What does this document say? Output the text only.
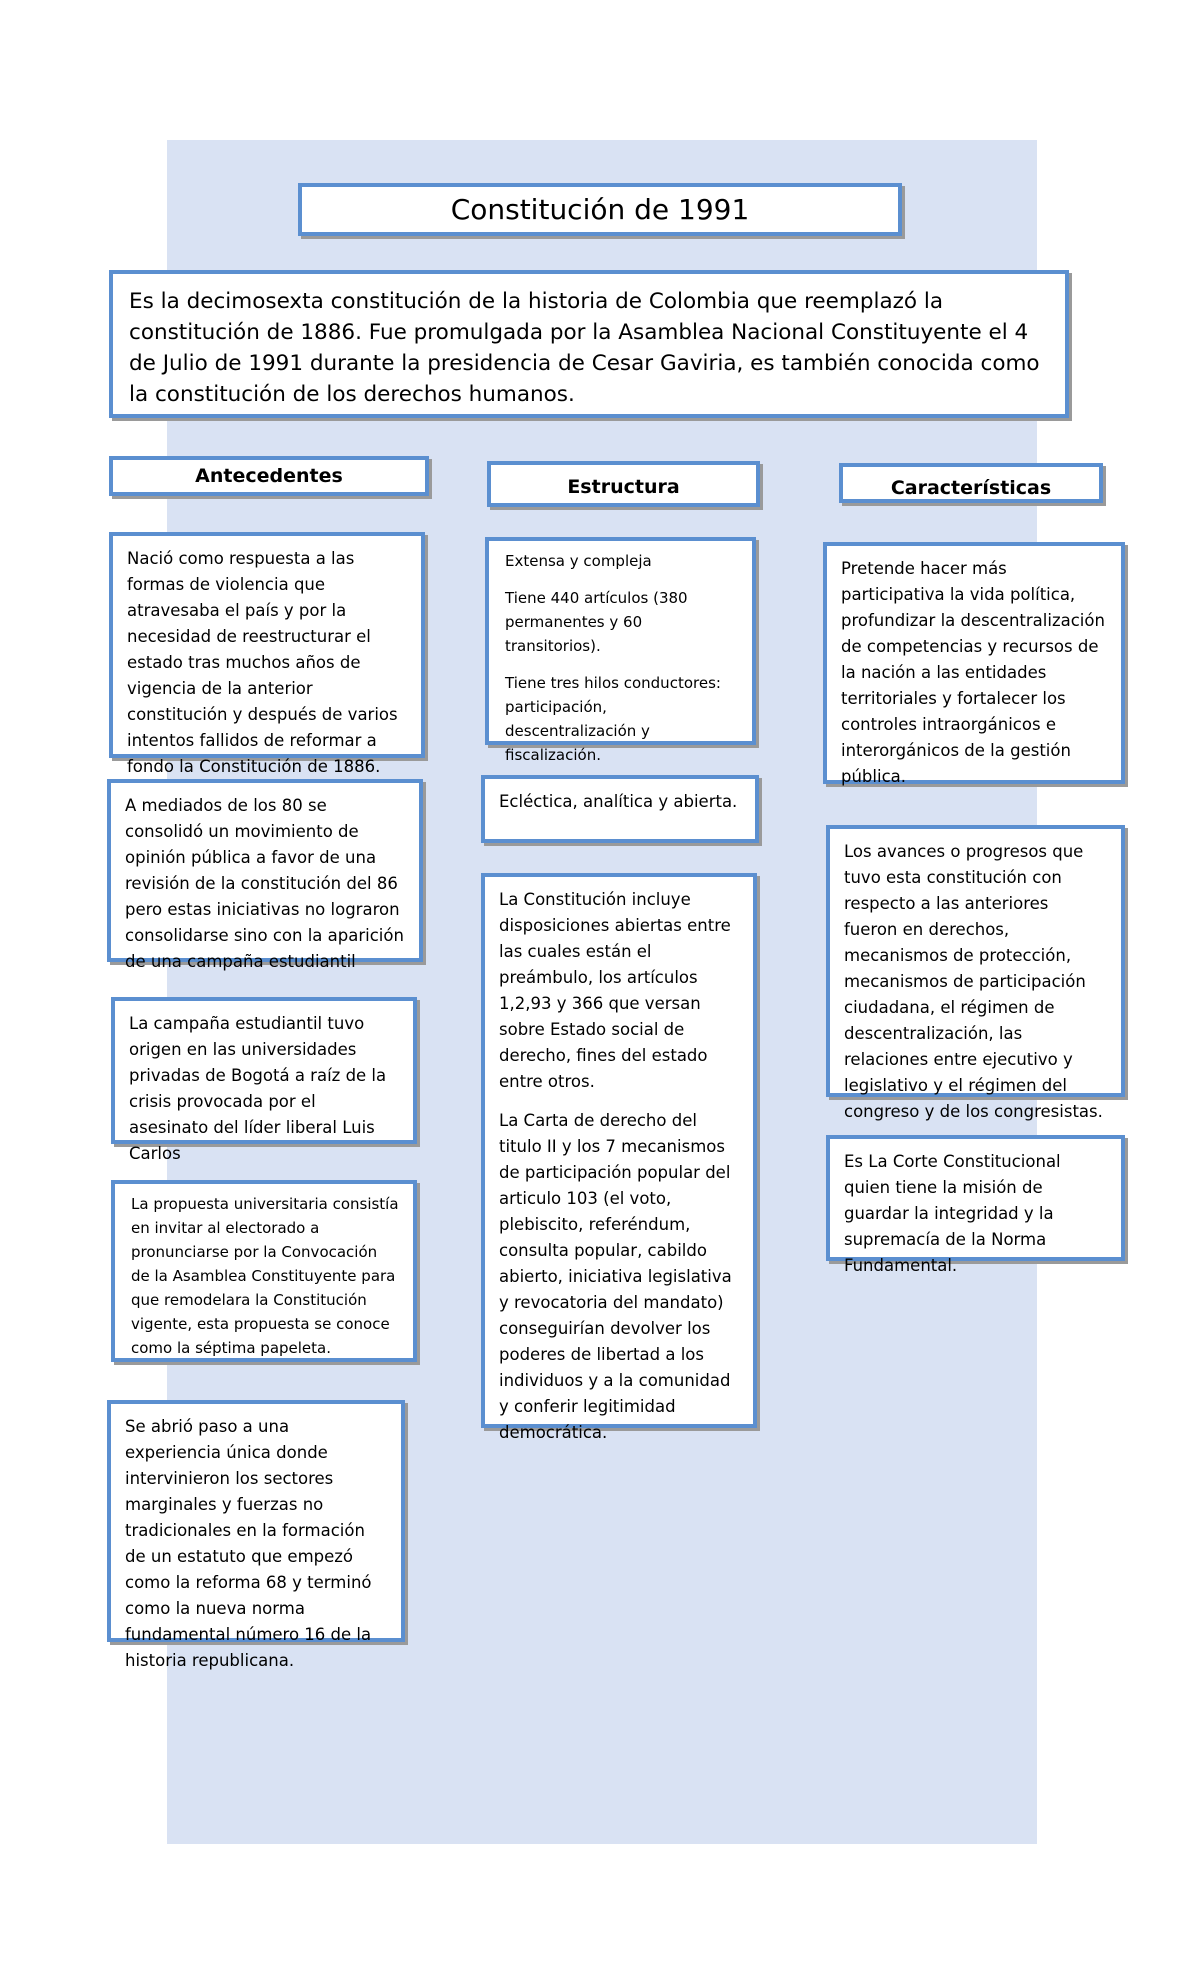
Constitución de 1991
Es la decimosexta constitución de la historia de Colombia que reemplazó la constitución de 1886. Fue promulgada por la Asamblea Nacional Constituyente el 4 de Julio de 1991 durante la presidencia de Cesar Gaviria, es también conocida como la constitución de los derechos humanos.
Antecedentes	Estructura	Características
Nació como respuesta a las formas de violencia que atravesaba el país y por la necesidad de reestructurar el estado tras muchos años de vigencia de la anterior constitución y después de varios intentos fallidos de reformar a fondo la Constitución de 1886.
A mediados de los 80 se consolidó un movimiento de opinión pública a favor de una revisión de la constitución del 86 pero estas iniciativas no lograron consolidarse sino con la aparición de una campaña estudiantil
La campaña estudiantil tuvo origen en las universidades privadas de Bogotá a raíz de la crisis provocada por el asesinato del líder liberal Luis Carlos
La propuesta universitaria consistía en invitar al electorado a pronunciarse por la Convocación de la Asamblea Constituyente para que remodelara la Constitución vigente, esta propuesta se conoce como la séptima papeleta.
Se abrió paso a una experiencia única donde intervinieron los sectores marginales y fuerzas no tradicionales en la formación de un estatuto que empezó como la reforma 68 y terminó como la nueva norma fundamental número 16 de la historia republicana.

Extensa y compleja

Tiene 440 artículos (380 permanentes y 60 transitorios).

Tiene tres hilos conductores: participación, descentralización y fiscalización.

Ecléctica, analítica y abierta.

La Constitución incluye disposiciones abiertas entre las cuales están el preámbulo, los artículos 1,2,93 y 366 que versan sobre Estado social de derecho, fines del estado entre otros.

La Carta de derecho del titulo II y los 7 mecanismos de participación popular del articulo 103 (el voto, plebiscito, referéndum, consulta popular, cabildo abierto, iniciativa legislativa y revocatoria del mandato) conseguirían devolver los poderes de libertad a los individuos y a la comunidad y conferir legitimidad democrática.

Pretende hacer más participativa la vida política, profundizar la descentralización de competencias y recursos de la nación a las entidades territoriales y fortalecer los controles intraorgánicos e interorgánicos de la gestión pública.
Los avances o progresos que tuvo esta constitución con respecto a las anteriores fueron en derechos, mecanismos de protección, mecanismos de participación ciudadana, el régimen de descentralización, las relaciones entre ejecutivo y legislativo y el régimen del congreso y de los congresistas.
Es La Corte Constitucional quien tiene la misión de guardar la integridad y la supremacía de la Norma Fundamental.
